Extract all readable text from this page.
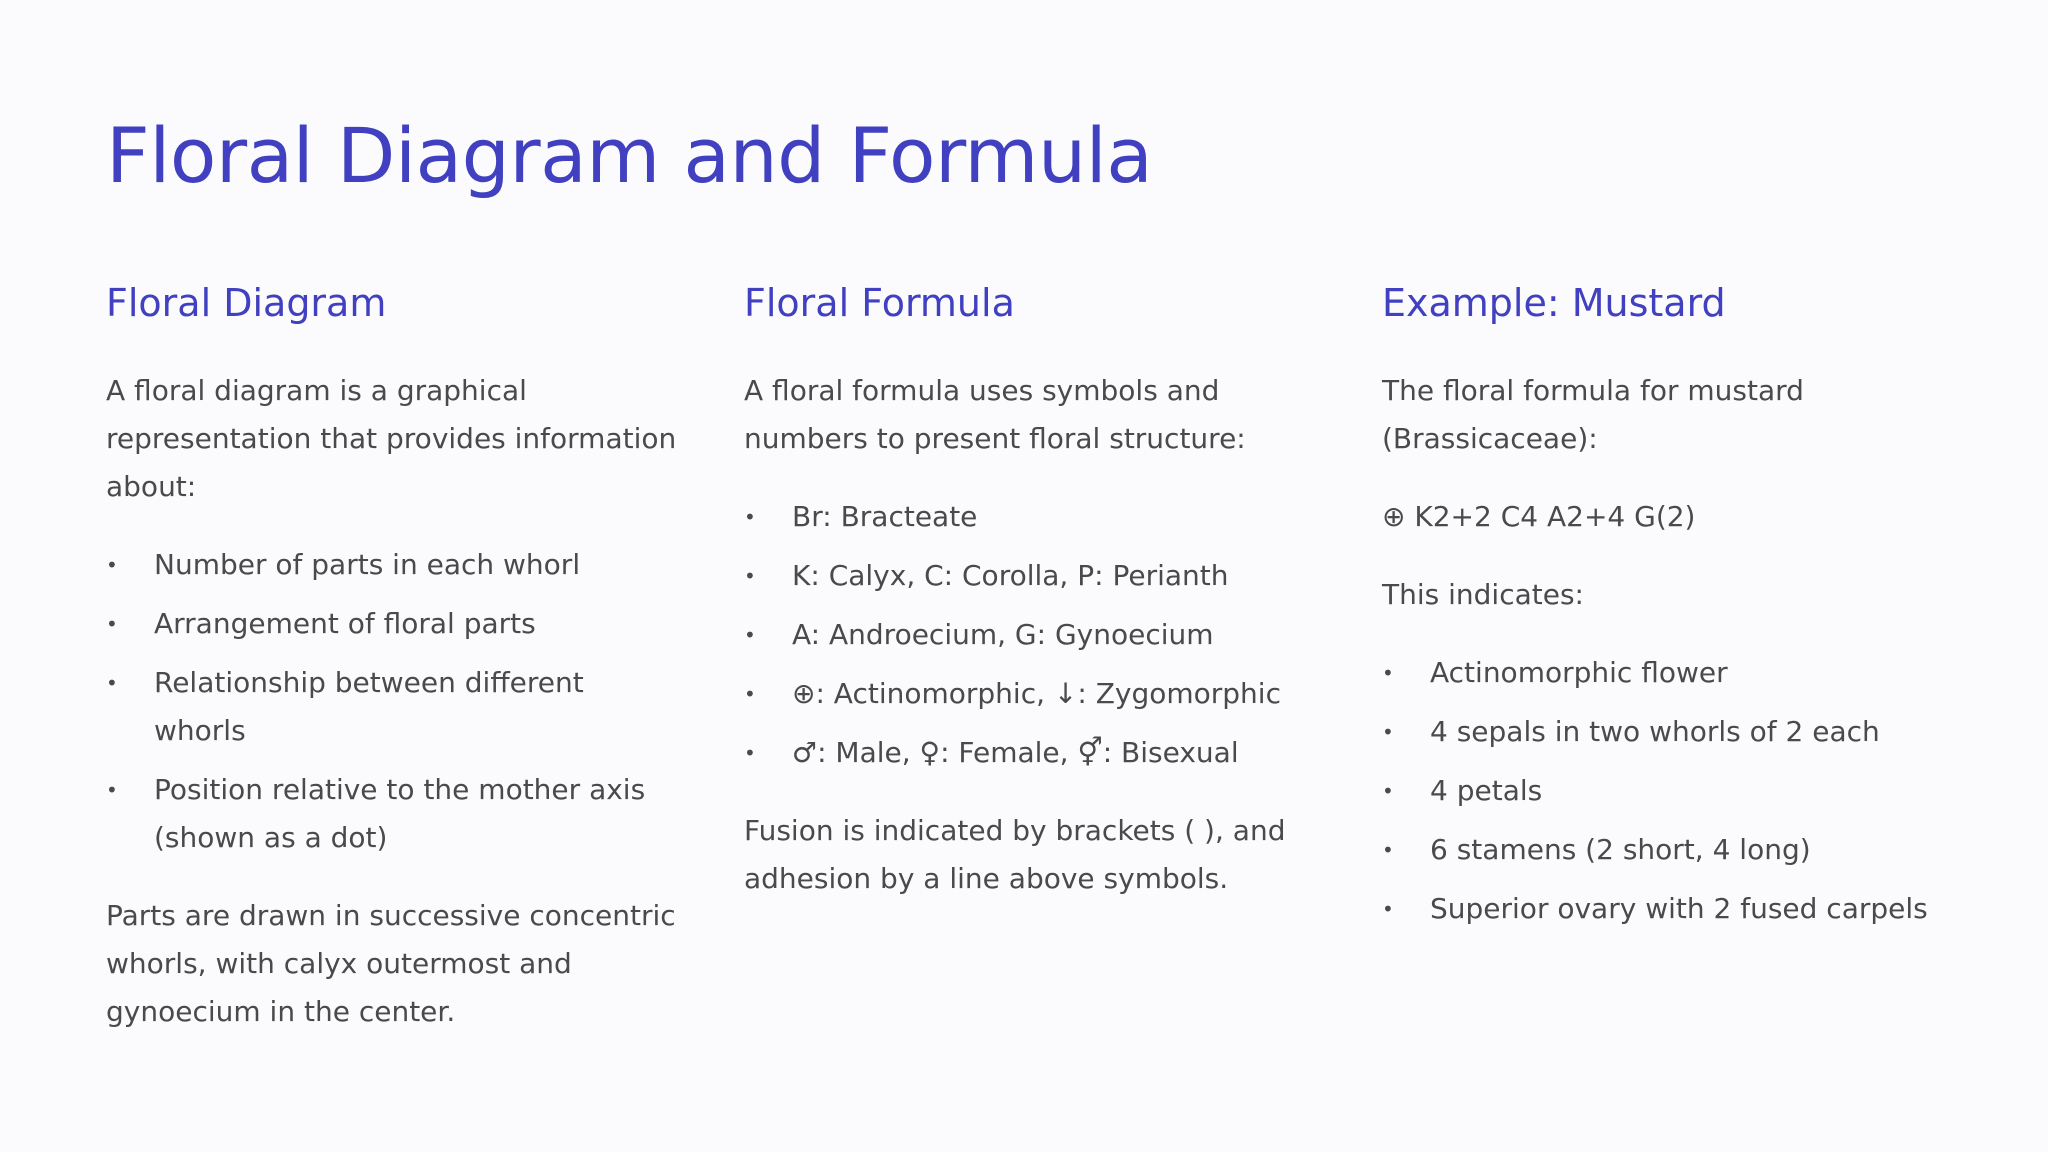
Floral Diagram and Formula
Floral Diagram

A floral diagram is a graphical representation that provides information about:

• Number of parts in each whorl
• Arrangement of floral parts
• Relationship between different whorls
• Position relative to the mother axis (shown as a dot)

Parts are drawn in successive concentric whorls, with calyx outermost and gynoecium in the center.

Floral Formula

A floral formula uses symbols and numbers to present floral structure:

• Br: Bracteate
• K: Calyx, C: Corolla, P: Perianth
• A: Androecium, G: Gynoecium
• ⊕: Actinomorphic, ↓: Zygomorphic
• ♂: Male, ♀: Female, ⚥: Bisexual

Fusion is indicated by brackets ( ), and adhesion by a line above symbols.

Example: Mustard

The floral formula for mustard (Brassicaceae):

⊕ K2+2 C4 A2+4 G(2)

This indicates:

• Actinomorphic flower
• 4 sepals in two whorls of 2 each
• 4 petals
• 6 stamens (2 short, 4 long)
• Superior ovary with 2 fused carpels
